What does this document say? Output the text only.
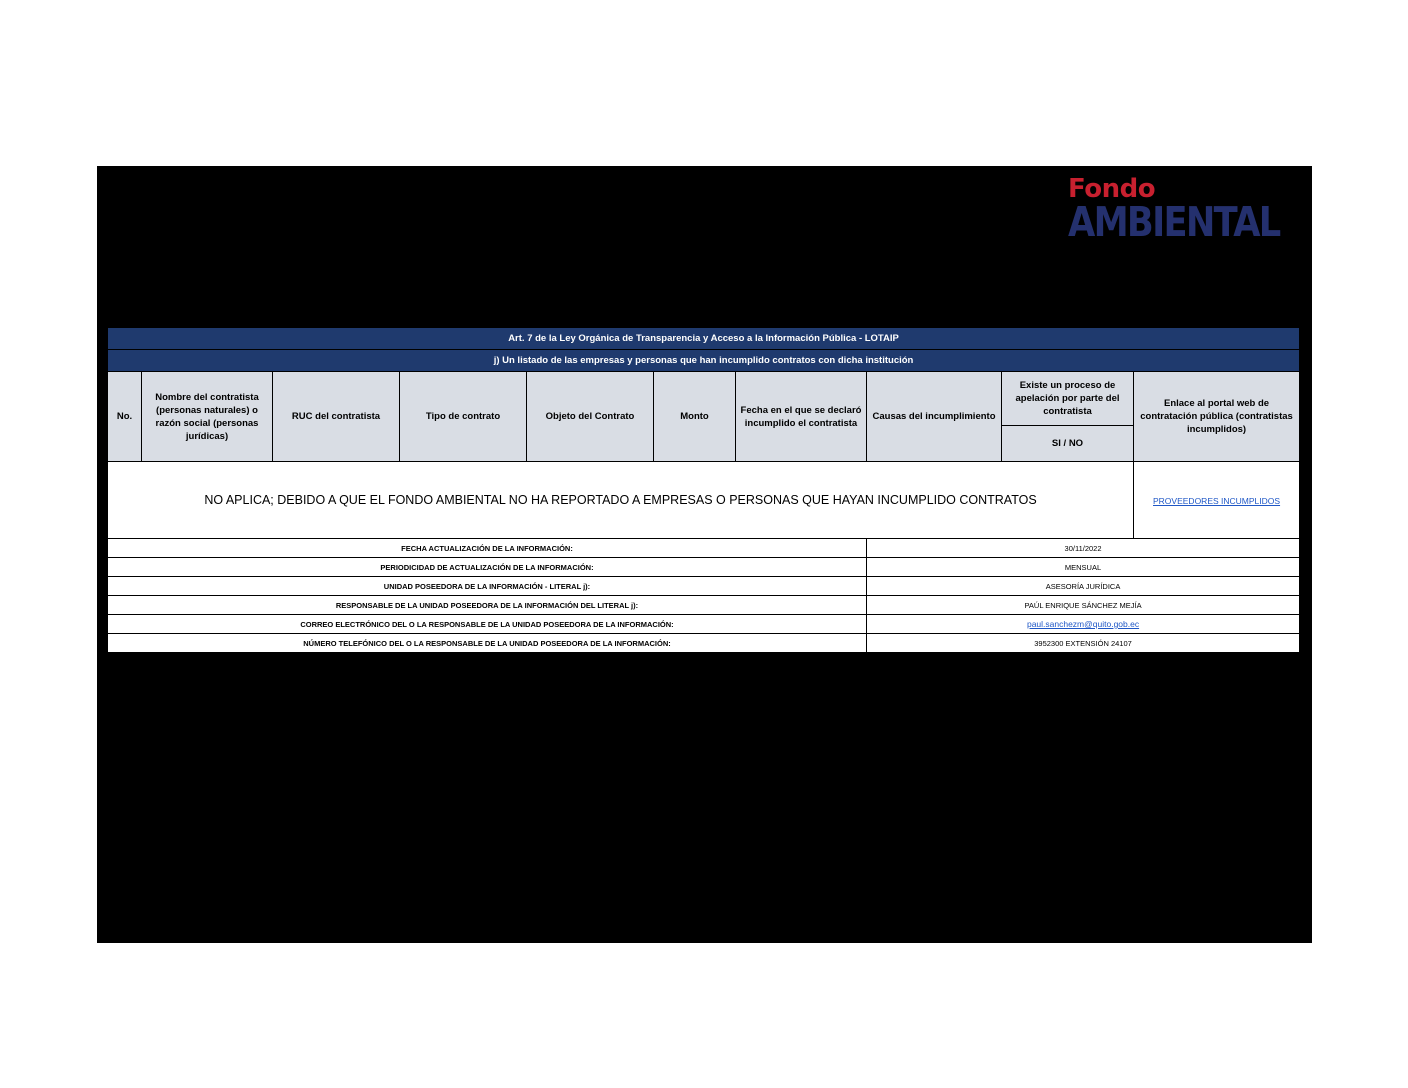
Fondo
AMBIENTAL
Art. 7 de la Ley Orgánica de Transparencia y Acceso a la Información Pública - LOTAIP									
j) Un listado de las empresas y personas que han incumplido contratos con dicha institución									
No.	Nombre del contratista (personas naturales) o razón social (personas jurídicas)	RUC del contratista	Tipo de contrato	Objeto del Contrato	Monto	Fecha en el que se declaró incumplido el contratista	Causas del incumplimiento	Existe un proceso de apelación por parte del contratista	Enlace al portal web de contratación pública (contratistas incumplidos)
								SI / NO	
NO APLICA; DEBIDO A QUE EL FONDO AMBIENTAL NO HA REPORTADO A EMPRESAS O PERSONAS QUE HAYAN INCUMPLIDO CONTRATOS									PROVEEDORES INCUMPLIDOS
FECHA ACTUALIZACIÓN DE LA INFORMACIÓN:							30/11/2022		
PERIODICIDAD DE ACTUALIZACIÓN DE LA INFORMACIÓN:							MENSUAL		
UNIDAD POSEEDORA DE LA INFORMACIÓN - LITERAL j):							ASESORÍA JURÍDICA		
RESPONSABLE DE LA UNIDAD POSEEDORA DE LA INFORMACIÓN DEL LITERAL j):							PAÚL ENRIQUE SÁNCHEZ MEJÍA		
CORREO ELECTRÓNICO DEL O LA RESPONSABLE DE LA UNIDAD POSEEDORA DE LA INFORMACIÓN:							paul.sanchezm@quito.gob.ec		
NÚMERO TELEFÓNICO DEL O LA RESPONSABLE DE LA UNIDAD POSEEDORA DE LA INFORMACIÓN:							3952300 EXTENSIÓN 24107		
